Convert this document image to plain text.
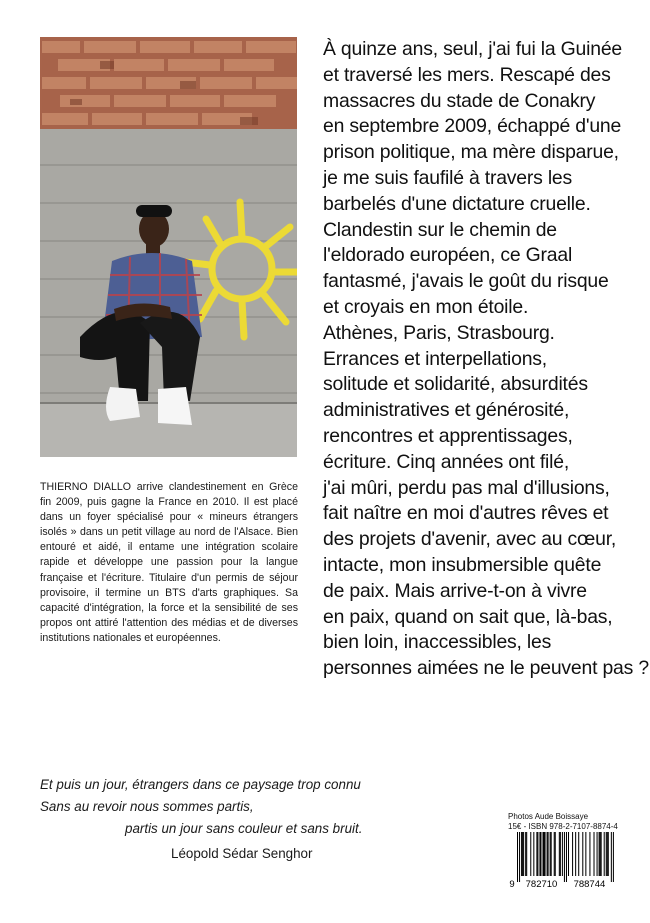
THIERNO DIALLO arrive clandestinement en Grèce fin 2009, puis gagne la France en 2010. Il est placé dans un foyer spécialisé pour « mineurs étrangers isolés » dans un petit village au nord de l'Alsace. Bien entouré et aidé, il entame une intégration scolaire rapide et développe une passion pour la langue française et l'écriture. Titulaire d'un permis de séjour provisoire, il termine un BTS d'arts graphiques. Sa capacité d'intégration, la force et la sensibilité de ses propos ont attiré l'attention des médias et de diverses institutions nationales et européennes.

À quinze ans, seul, j'ai fui la Guinée
et traversé les mers. Rescapé des
massacres du stade de Conakry
en septembre 2009, échappé d'une
prison politique, ma mère disparue,
je me suis faufilé à travers les
barbelés d'une dictature cruelle.
Clandestin sur le chemin de
l'eldorado européen, ce Graal
fantasmé, j'avais le goût du risque
et croyais en mon étoile.
Athènes, Paris, Strasbourg.
Errances et interpellations,
solitude et solidarité, absurdités
administratives et générosité,
rencontres et apprentissages,
écriture. Cinq années ont filé,
j'ai mûri, perdu pas mal d'illusions,
fait naître en moi d'autres rêves et
des projets d'avenir, avec au cœur,
intacte, mon insubmersible quête
de paix. Mais arrive-t-on à vivre
en paix, quand on sait que, là-bas,
bien loin, inaccessibles, les
personnes aimées ne le peuvent pas ?
Et puis un jour, étrangers dans ce paysage trop connu
Sans au revoir nous sommes partis,
partis un jour sans couleur et sans bruit.
Léopold Sédar Senghor
Photos Aude Boissaye
15€ - ISBN 978-2-7107-8874-4
9 782710 788744
